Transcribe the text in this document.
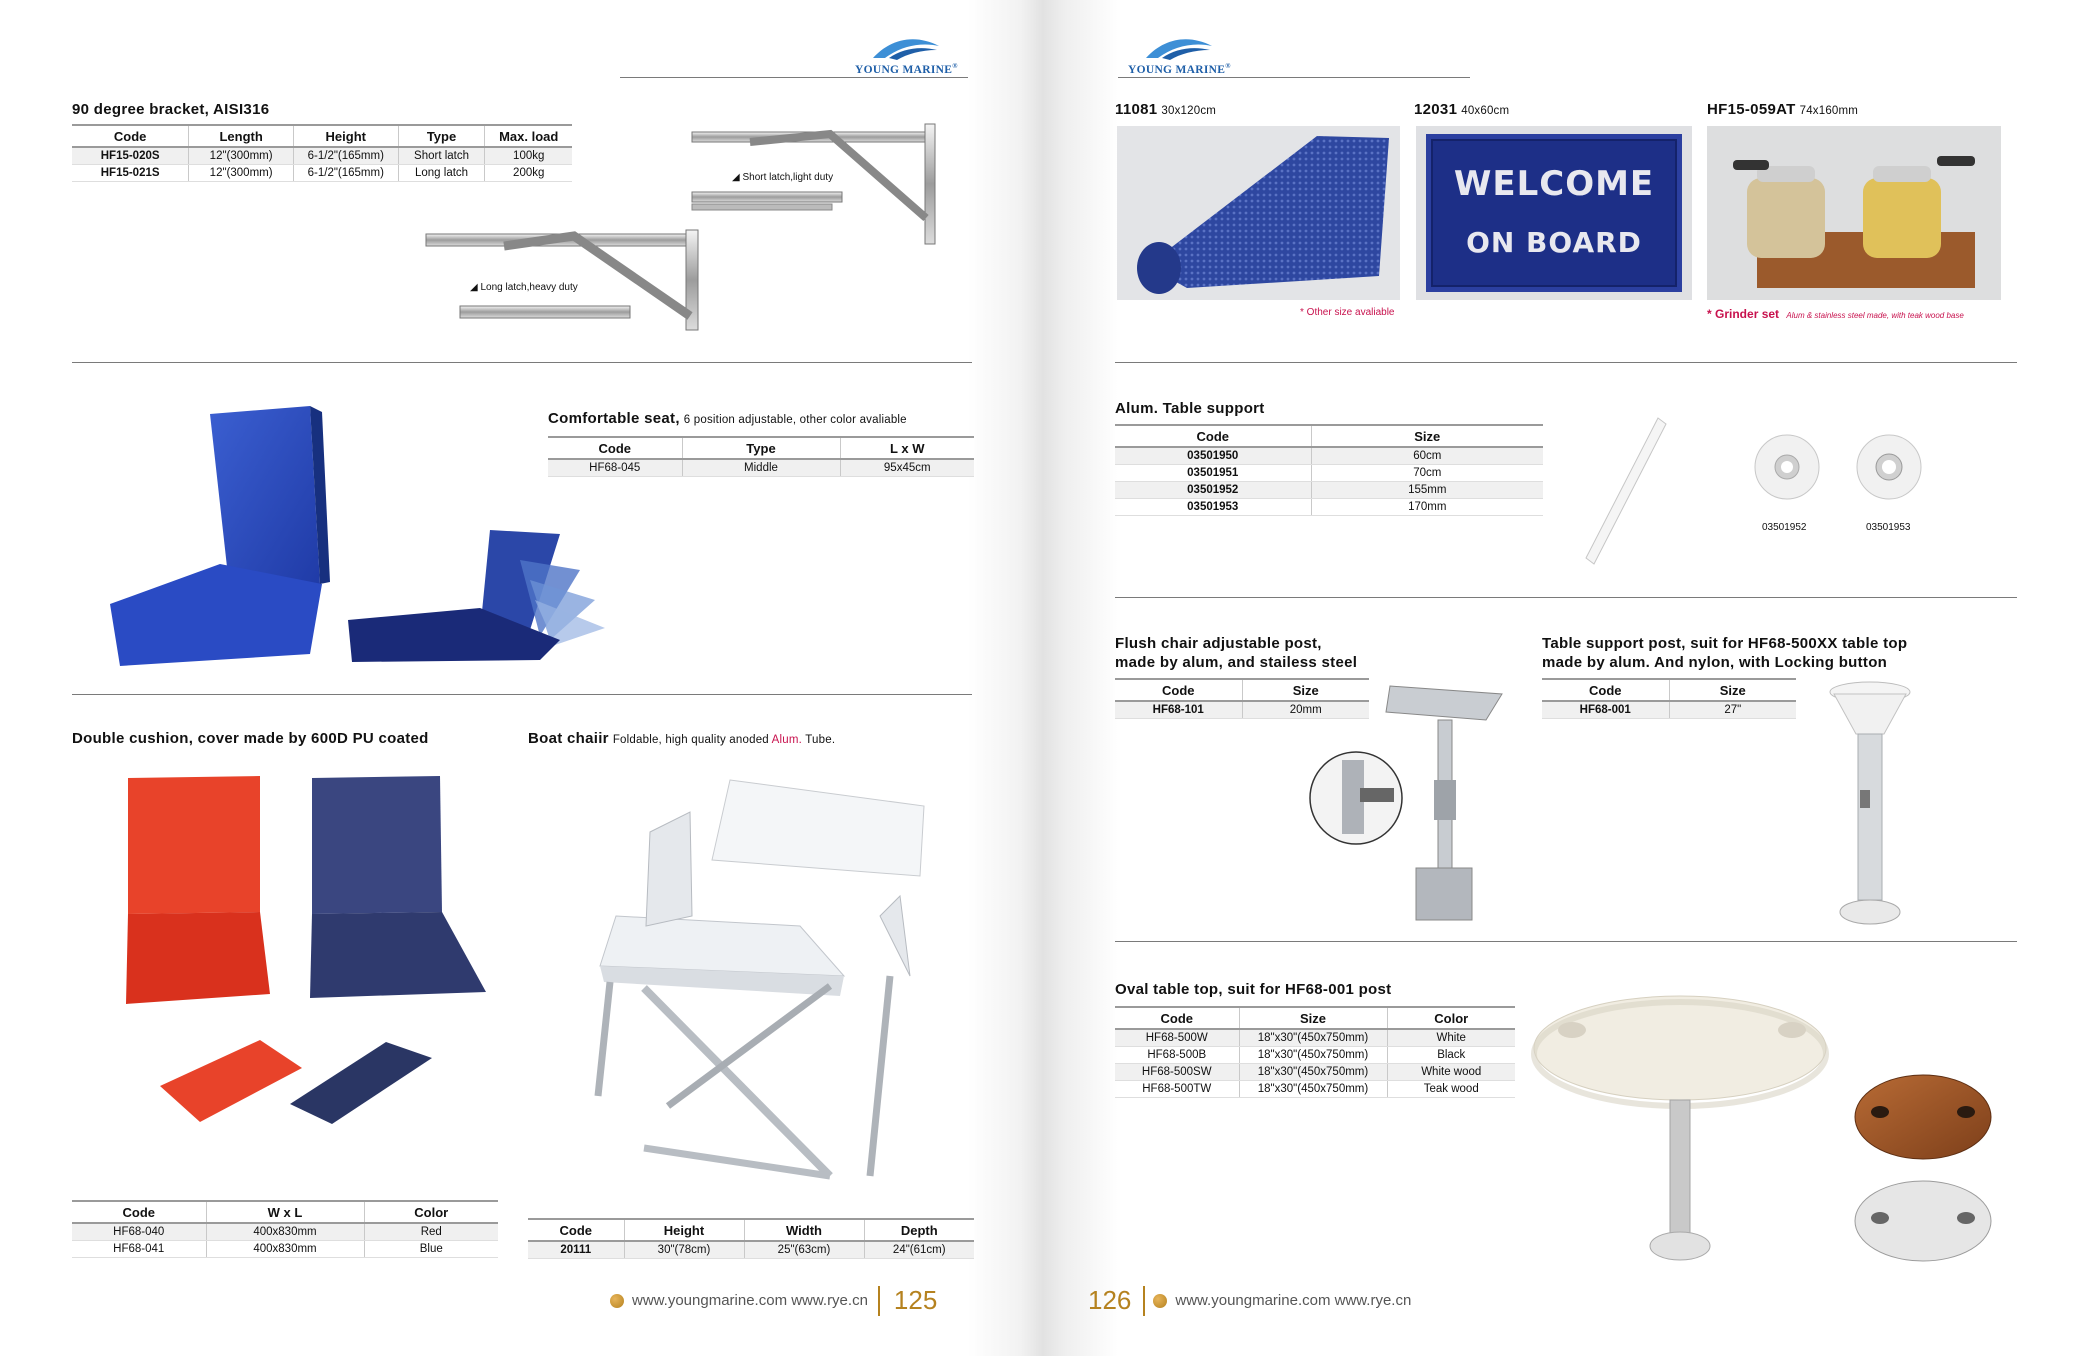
YOUNG MARINE®	YOUNG MARINE®
90 degree bracket, AISI316
Code	Length	Height	Type	Max. load
HF15-020S	12"(300mm)	6-1/2"(165mm)	Short latch	100kg
HF15-021S	12"(300mm)	6-1/2"(165mm)	Long latch	200kg	◢ Short latch,light duty
◢ Long latch,heavy duty
Comfortable seat, 6 position adjustable, other color avaliable
Code	Type	L x W
HF68-045	Middle	95x45cm
Double cushion, cover made by 600D PU coated
Code	W x L	Color
HF68-040	400x830mm	Red
HF68-041	400x830mm	Blue
Boat chaiir Foldable, high quality anoded Alum. Tube.
Code	Height	Width	Depth
20111	30"(78cm)	25"(63cm)	24"(61cm)
www.youngmarine.com www.rye.cn 125
11081 30x120cm
* Other size avaliable
12031 40x60cm
WELCOME
ON BOARD
HF15-059AT 74x160mm
* Grinder set Alum & stainless steel made, with teak wood base
Alum. Table support
Code	Size
03501950	60cm
03501951	70cm
03501952	155mm
03501953	170mm
03501952	03501953
Flush chair adjustable post,
made by alum, and stailess steel
Code	Size
HF68-101	20mm
Table support post, suit for HF68-500XX table top
made by alum. And nylon, with Locking button
Code	Size
HF68-001	27"
Oval table top, suit for HF68-001 post
Code	Size	Color
HF68-500W	18"x30"(450x750mm)	White
HF68-500B	18"x30"(450x750mm)	Black
HF68-500SW	18"x30"(450x750mm)	White wood
HF68-500TW	18"x30"(450x750mm)	Teak wood
126	www.youngmarine.com www.rye.cn
